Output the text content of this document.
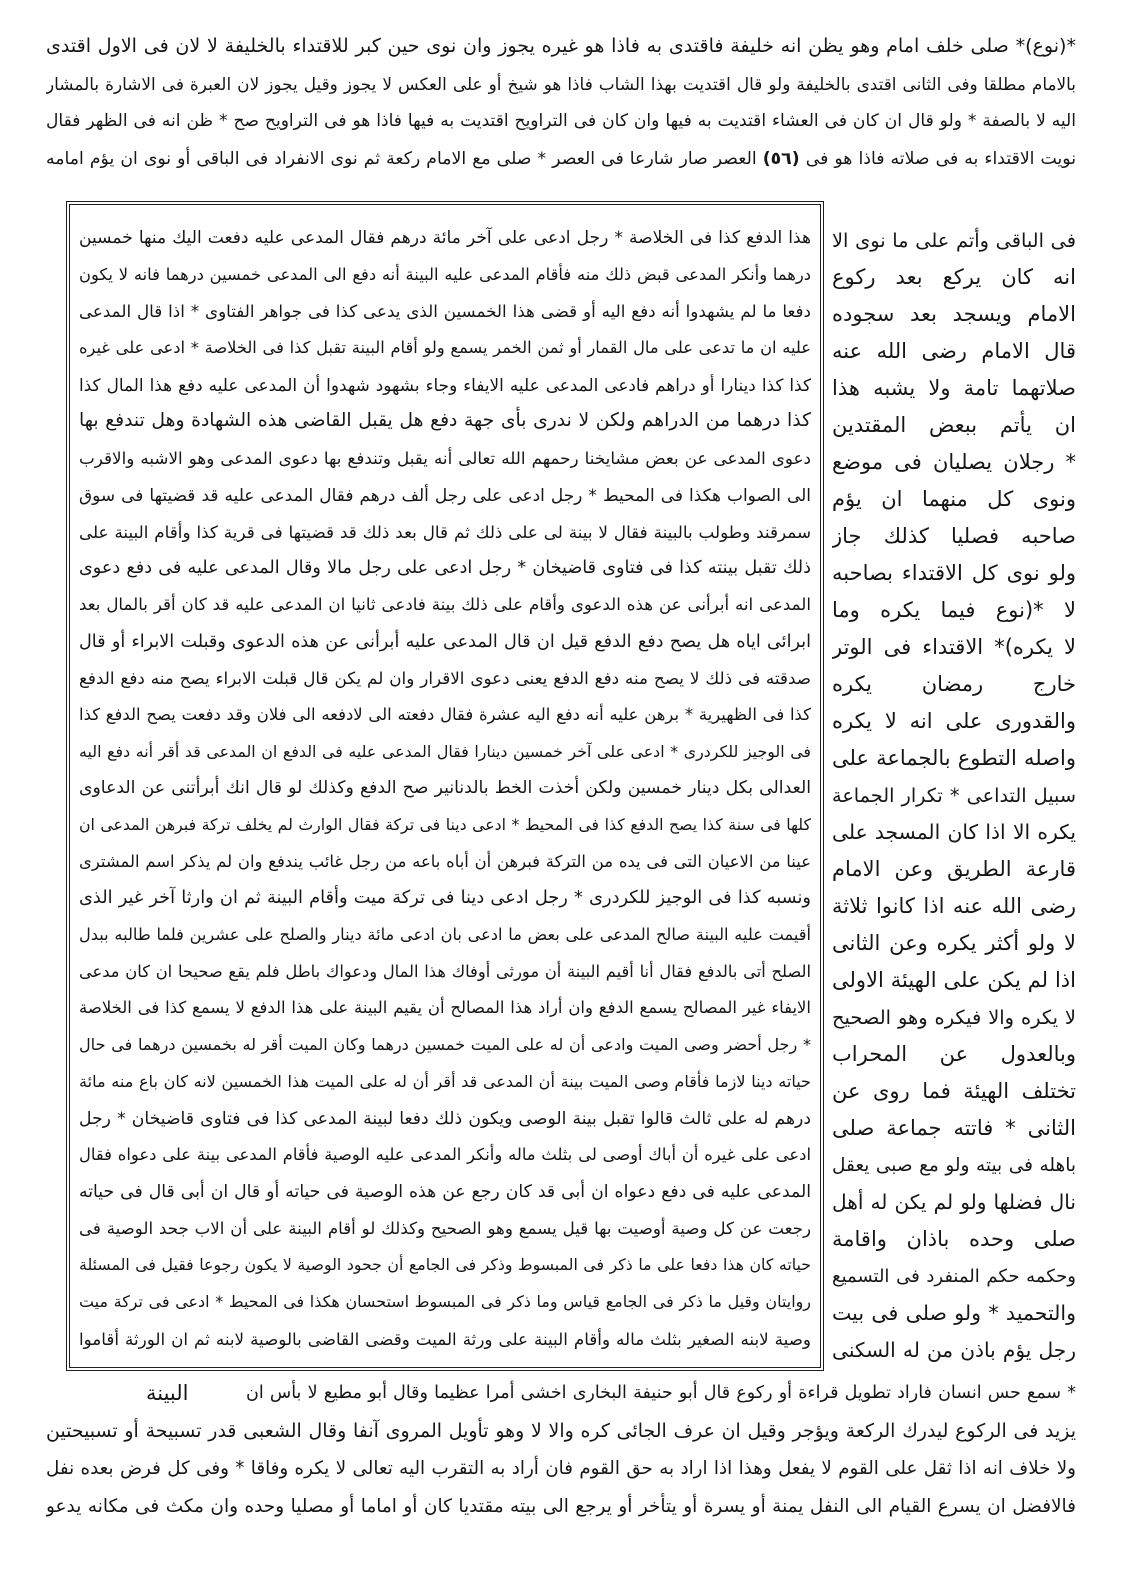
*(نوع)* صلى خلف امام وهو يظن انه خليفة فاقتدى به فاذا هو غيره يجوز وان نوى حين كبر للاقتداء بالخليفة لا لان فى الاول اقتدى
بالامام مطلقا وفى الثانى اقتدى بالخليفة ولو قال اقتديت بهذا الشاب فاذا هو شيخ أو على العكس لا يجوز وقيل يجوز لان العبرة فى الاشارة بالمشار
اليه لا بالصفة * ولو قال ان كان فى العشاء اقتديت به فيها وان كان فى التراويح اقتديت به فيها فاذا هو فى التراويح صح * ظن انه فى الظهر فقال
نويت الاقتداء به فى صلاته فاذا هو فى (٥٦) العصر صار شارعا فى العصر * صلى مع الامام ركعة ثم نوى الانفراد فى الباقى أو نوى ان يؤم امامه
هذا الدفع كذا فى الخلاصة * رجل ادعى على آخر مائة درهم فقال المدعى عليه دفعت اليك منها خمسين
درهما وأنكر المدعى قبض ذلك منه فأقام المدعى عليه البينة أنه دفع الى المدعى خمسين درهما فانه لا يكون
دفعا ما لم يشهدوا أنه دفع اليه أو قضى هذا الخمسين الذى يدعى كذا فى جواهر الفتاوى * اذا قال المدعى
عليه ان ما تدعى على مال القمار أو ثمن الخمر يسمع ولو أقام البينة تقبل كذا فى الخلاصة * ادعى على غيره
كذا كذا دينارا أو دراهم فادعى المدعى عليه الايفاء وجاء بشهود شهدوا أن المدعى عليه دفع هذا المال كذا
كذا درهما من الدراهم ولكن لا ندرى بأى جهة دفع هل يقبل القاضى هذه الشهادة وهل تندفع بها
دعوى المدعى عن بعض مشايخنا رحمهم الله تعالى أنه يقبل وتندفع بها دعوى المدعى وهو الاشبه والاقرب
الى الصواب هكذا فى المحيط * رجل ادعى على رجل ألف درهم فقال المدعى عليه قد قضيتها فى سوق
سمرقند وطولب بالبينة فقال لا بينة لى على ذلك ثم قال بعد ذلك قد قضيتها فى قرية كذا وأقام البينة على
ذلك تقبل بينته كذا فى فتاوى قاضيخان * رجل ادعى على رجل مالا وقال المدعى عليه فى دفع دعوى
المدعى انه أبرأنى عن هذه الدعوى وأقام على ذلك بينة فادعى ثانيا ان المدعى عليه قد كان أقر بالمال بعد
ابرائى اياه هل يصح دفع الدفع قيل ان قال المدعى عليه أبرأنى عن هذه الدعوى وقبلت الابراء أو قال
صدقته فى ذلك لا يصح منه دفع الدفع يعنى دعوى الاقرار وان لم يكن قال قبلت الابراء يصح منه دفع الدفع
كذا فى الظهيرية * برهن عليه أنه دفع اليه عشرة فقال دفعته الى لادفعه الى فلان وقد دفعت يصح الدفع كذا
فى الوجيز للكردرى * ادعى على آخر خمسين دينارا فقال المدعى عليه فى الدفع ان المدعى قد أقر أنه دفع اليه
العدالى بكل دينار خمسين ولكن أخذت الخط بالدنانير صح الدفع وكذلك لو قال انك أبرأتنى عن الدعاوى
كلها فى سنة كذا يصح الدفع كذا فى المحيط * ادعى دينا فى تركة فقال الوارث لم يخلف تركة فبرهن المدعى ان
عينا من الاعيان التى فى يده من التركة فبرهن أن أباه باعه من رجل غائب يندفع وان لم يذكر اسم المشترى
ونسبه كذا فى الوجيز للكردرى * رجل ادعى دينا فى تركة ميت وأقام البينة ثم ان وارثا آخر غير الذى
أقيمت عليه البينة صالح المدعى على بعض ما ادعى بان ادعى مائة دينار والصلح على عشرين فلما طالبه ببدل
الصلح أتى بالدفع فقال أنا أقيم البينة أن مورثى أوفاك هذا المال ودعواك باطل فلم يقع صحيحا ان كان مدعى
الايفاء غير المصالح يسمع الدفع وان أراد هذا المصالح أن يقيم البينة على هذا الدفع لا يسمع كذا فى الخلاصة
* رجل أحضر وصى الميت وادعى أن له على الميت خمسين درهما وكان الميت أقر له بخمسين درهما فى حال
حياته دينا لازما فأقام وصى الميت بينة أن المدعى قد أقر أن له على الميت هذا الخمسين لانه كان باع منه مائة
درهم له على ثالث قالوا تقبل بينة الوصى ويكون ذلك دفعا لبينة المدعى كذا فى فتاوى قاضيخان * رجل
ادعى على غيره أن أباك أوصى لى بثلث ماله وأنكر المدعى عليه الوصية فأقام المدعى بينة على دعواه فقال
المدعى عليه فى دفع دعواه ان أبى قد كان رجع عن هذه الوصية فى حياته أو قال ان أبى قال فى حياته
رجعت عن كل وصية أوصيت بها قيل يسمع وهو الصحيح وكذلك لو أقام البينة على أن الاب جحد الوصية فى
حياته كان هذا دفعا على ما ذكر فى المبسوط وذكر فى الجامع أن جحود الوصية لا يكون رجوعا فقيل فى المسئلة
روايتان وقيل ما ذكر فى الجامع قياس وما ذكر فى المبسوط استحسان هكذا فى المحيط * ادعى فى تركة ميت
وصية لابنه الصغير بثلث ماله وأقام البينة على ورثة الميت وقضى القاضى بالوصية لابنه ثم ان الورثة أقاموا
فى الباقى وأتم على ما نوى الا
انه كان يركع بعد ركوع
الامام ويسجد بعد سجوده
قال الامام رضى الله عنه
صلاتهما تامة ولا يشبه هذا
ان يأتم ببعض المقتدين
* رجلان يصليان فى موضع
ونوى كل منهما ان يؤم
صاحبه فصليا كذلك جاز
ولو نوى كل الاقتداء بصاحبه
لا *(نوع فيما يكره وما
لا يكره)* الاقتداء فى الوتر
خارج رمضان يكره
والقدورى على انه لا يكره
واصله التطوع بالجماعة على
سبيل التداعى * تكرار الجماعة
يكره الا اذا كان المسجد على
قارعة الطريق وعن الامام
رضى الله عنه اذا كانوا ثلاثة
لا ولو أكثر يكره وعن الثانى
اذا لم يكن على الهيئة الاولى
لا يكره والا فيكره وهو الصحيح
وبالعدول عن المحراب
تختلف الهيئة فما روى عن
الثانى * فاتته جماعة صلى
باهله فى بيته ولو مع صبى يعقل
نال فضلها ولو لم يكن له أهل
صلى وحده باذان واقامة
وحكمه حكم المنفرد فى التسميع
والتحميد * ولو صلى فى بيت
رجل يؤم باذن من له السكنى
البينة	* سمع حس انسان فاراد تطويل قراءة أو ركوع قال أبو حنيفة البخارى اخشى أمرا عظيما وقال أبو مطيع لا بأس ان
يزيد فى الركوع ليدرك الركعة ويؤجر وقيل ان عرف الجائى كره والا لا وهو تأويل المروى آنفا وقال الشعبى قدر تسبيحة أو تسبيحتين
ولا خلاف انه اذا ثقل على القوم لا يفعل وهذا اذا اراد به حق القوم فان أراد به التقرب اليه تعالى لا يكره وفاقا * وفى كل فرض بعده نفل
فالافضل ان يسرع القيام الى النفل يمنة أو يسرة أو يتأخر أو يرجع الى بيته مقتديا كان أو اماما أو مصليا وحده وان مكث فى مكانه يدعو
